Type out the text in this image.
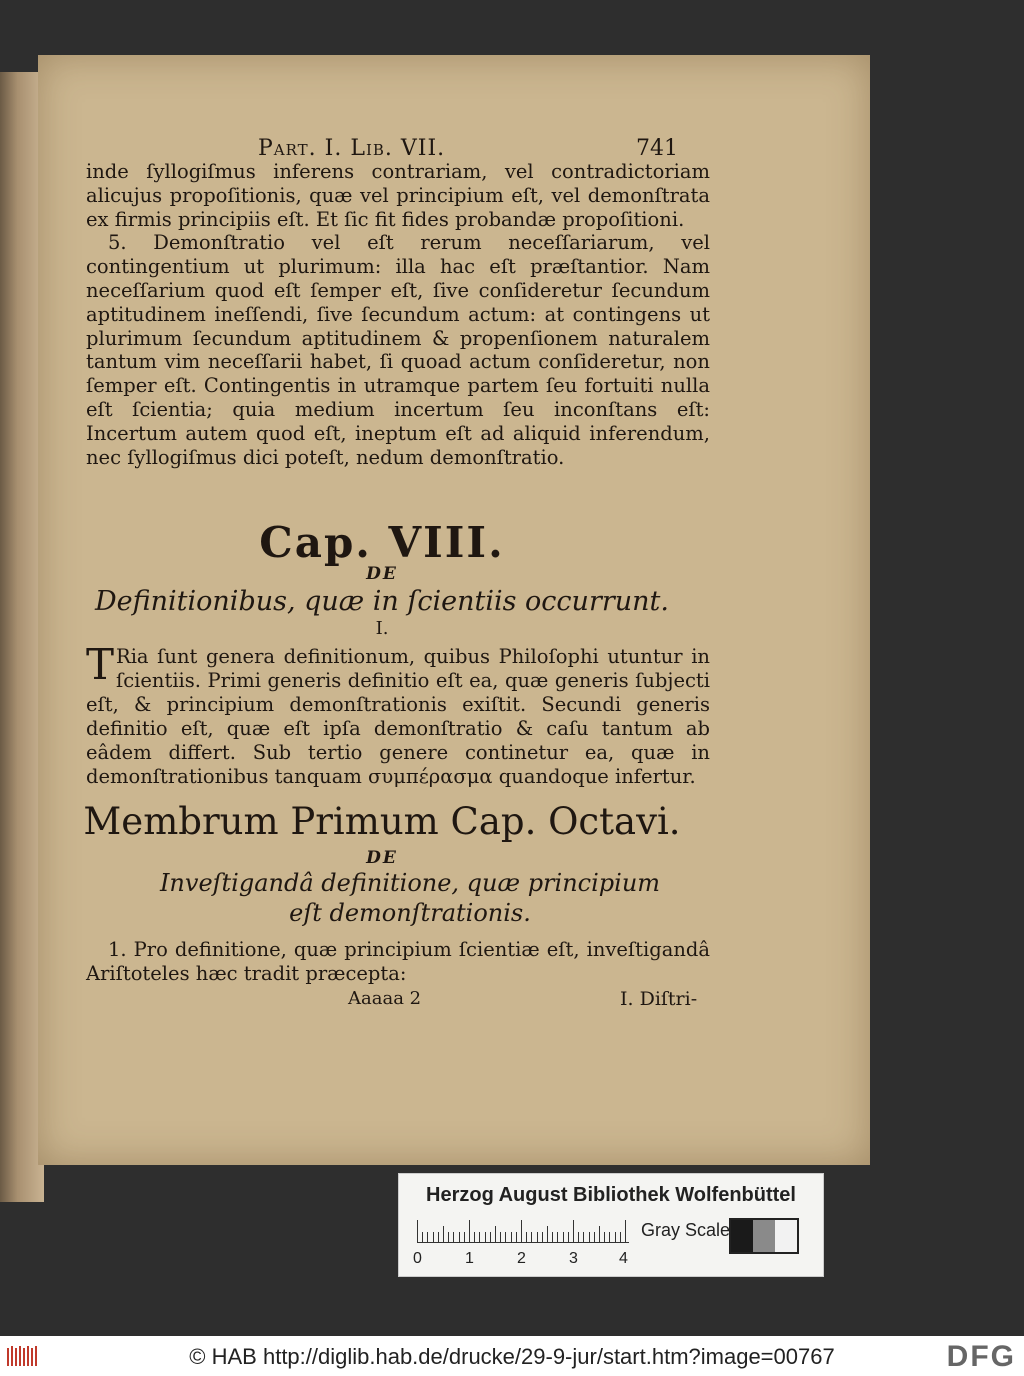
Part. I. Lib. VII.	741

inde ſyllogiſmus inferens contrariam, vel contradictoriam alicujus propoſitionis, quæ vel principium eſt, vel demonſtrata ex firmis principiis eſt. Et ſic fit fides probandæ propoſitioni.

5. Demonſtratio vel eſt rerum neceſſariarum, vel contingentium ut plurimum: illa hac eſt præſtantior. Nam neceſſarium quod eſt ſemper eſt, ſive conſideretur ſecundum aptitudinem ineſſendi, ſive ſecundum actum: at contingens ut plurimum ſecundum aptitudinem & propenſionem naturalem tantum vim neceſſarii habet, ſi quoad actum conſideretur, non ſemper eſt. Contingentis in utramque partem ſeu fortuiti nulla eſt ſcientia; quia medium incertum ſeu inconſtans eſt: Incertum autem quod eſt, ineptum eſt ad aliquid inferendum, nec ſyllogiſmus dici poteſt, nedum demonſtratio.

Cap. VIII.
DE
Definitionibus, quæ in ſcientiis occurrunt.
I.
T Ria ſunt genera definitionum, quibus Philoſophi utuntur in ſcientiis. Primi generis definitio eſt ea, quæ generis ſubjecti eſt, & principium demonſtrationis exiſtit. Secundi generis definitio eſt, quæ eſt ipſa demonſtratio & caſu tantum ab eâdem differt. Sub tertio genere continetur ea, quæ in demonſtrationibus tanquam συμπέρασμα quandoque infertur.
Membrum Primum Cap. Octavi.
DE
Inveſtigandâ definitione, quæ principium eſt demonſtrationis.
1. Pro definitione, quæ principium ſcientiæ eſt, inveſtigandâ Ariſtoteles hæc tradit præcepta:
Aaaaa 2	I. Diſtri-
Herzog August Bibliothek Wolfenbüttel
0	1	2	3	4
Gray Scale
© HAB http://diglib.hab.de/drucke/29-9-jur/start.htm?image=00767	DFG
